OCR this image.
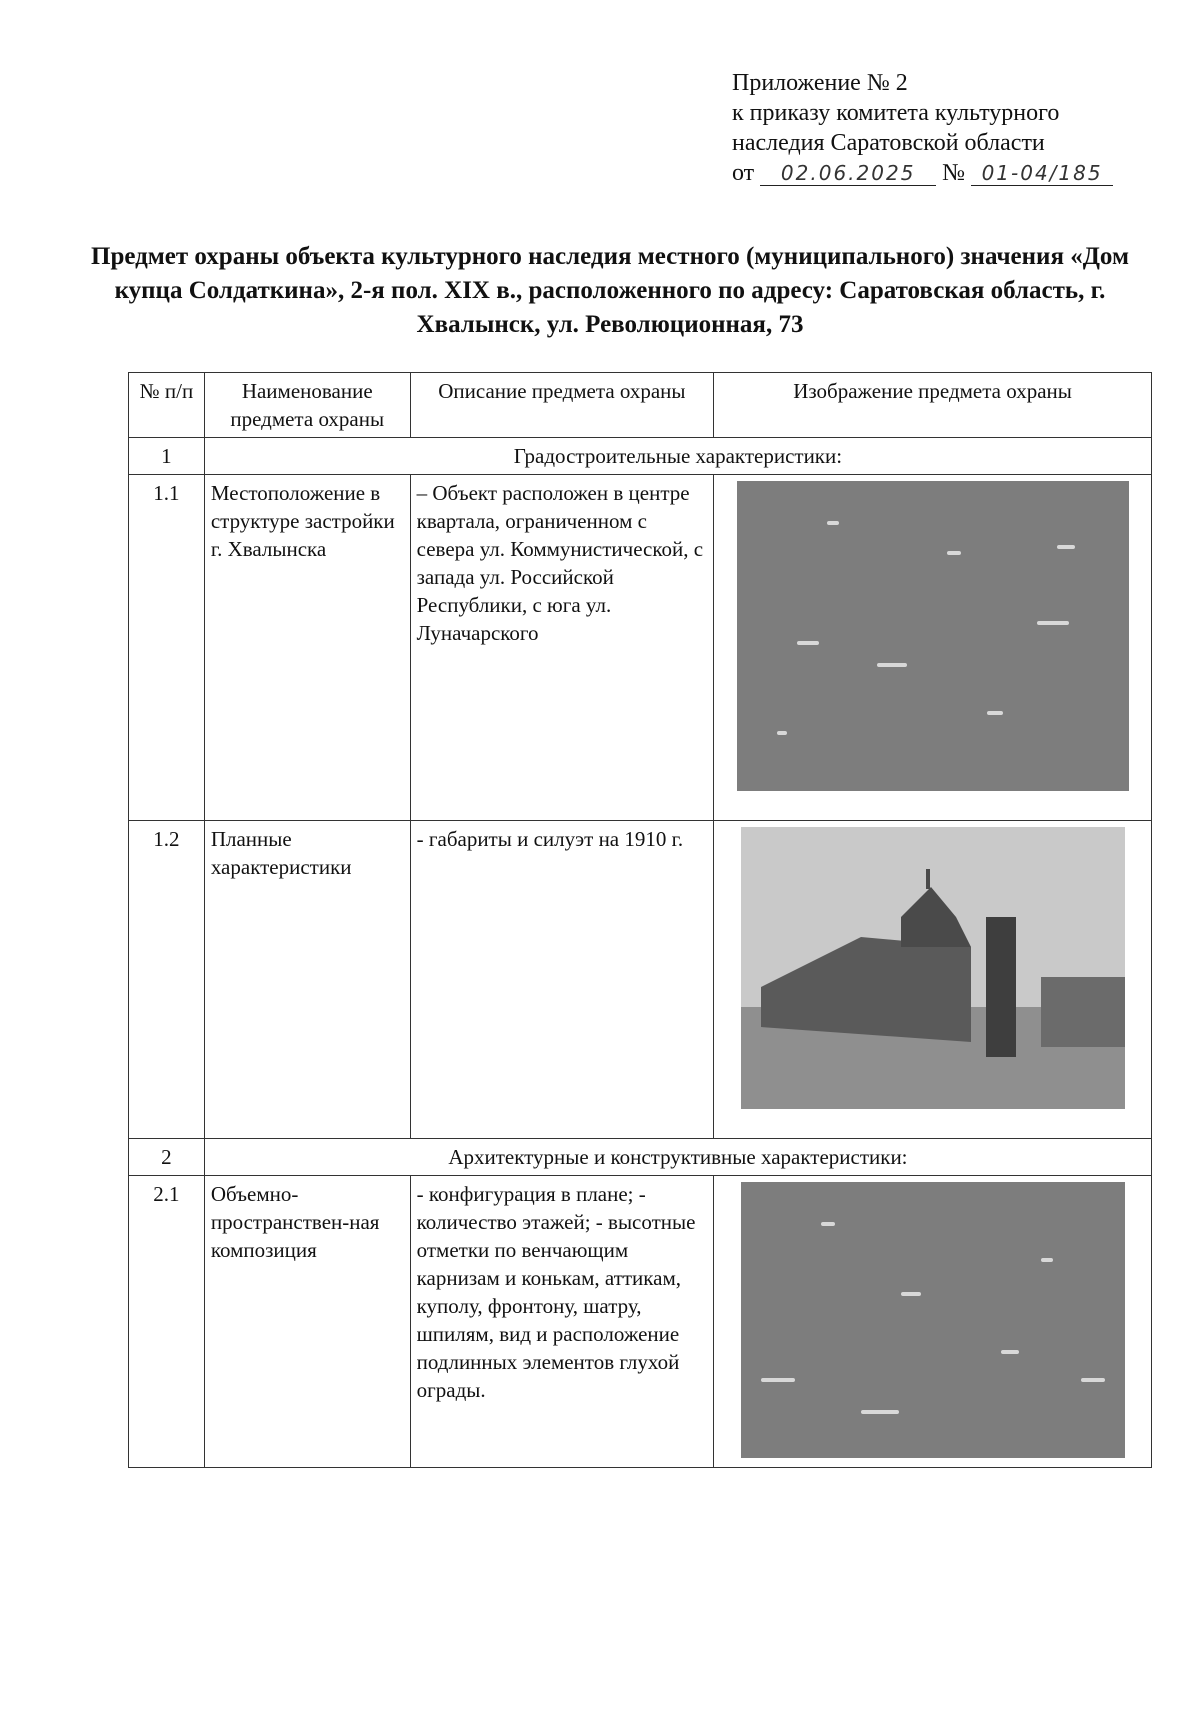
Приложение № 2
к приказу комитета культурного
наследия Саратовской области
от 02.06.2025 № 01-04/185
Предмет охраны объекта культурного наследия местного (муниципального) значения «Дом купца Солдаткина», 2-я пол. XIX в., расположенного по адресу: Саратовская область, г. Хвалынск, ул. Революционная, 73
№ п/п	Наименование предмета охраны	Описание предмета охраны	Изображение предмета охраны
1	Градостроительные характеристики:		
1.1	Местоположение в структуре застройки г. Хвалынска	– Объект расположен в центре квартала, ограниченном с севера ул. Коммунистической, с запада ул. Российской Республики, с юга ул. Луначарского	

1.2	Планные характеристики	- габариты и силуэт на 1910 г.	

2	Архитектурные и конструктивные характеристики:		
2.1	Объемно-пространствен-ная композиция	- конфигурация в плане; - количество этажей; - высотные отметки по венчающим карнизам и конькам, аттикам, куполу, фронтону, шатру, шпилям, вид и расположение подлинных элементов глухой ограды.	
